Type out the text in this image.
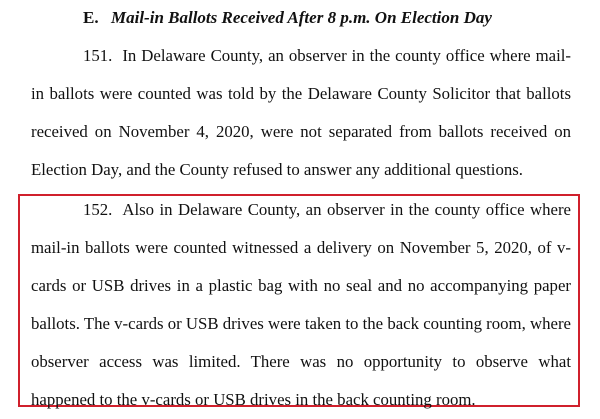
E. Mail-in Ballots Received After 8 p.m. On Election Day

151. In Delaware County, an observer in the county office where mail-in ballots were counted was told by the Delaware County Solicitor that ballots received on November 4, 2020, were not separated from ballots received on Election Day, and the County refused to answer any additional questions.

152. Also in Delaware County, an observer in the county office where mail-in ballots were counted witnessed a delivery on November 5, 2020, of v-cards or USB drives in a plastic bag with no seal and no accompanying paper ballots. The v-cards or USB drives were taken to the back counting room, where observer access was limited. There was no opportunity to observe what happened to the v-cards or USB drives in the back counting room.
